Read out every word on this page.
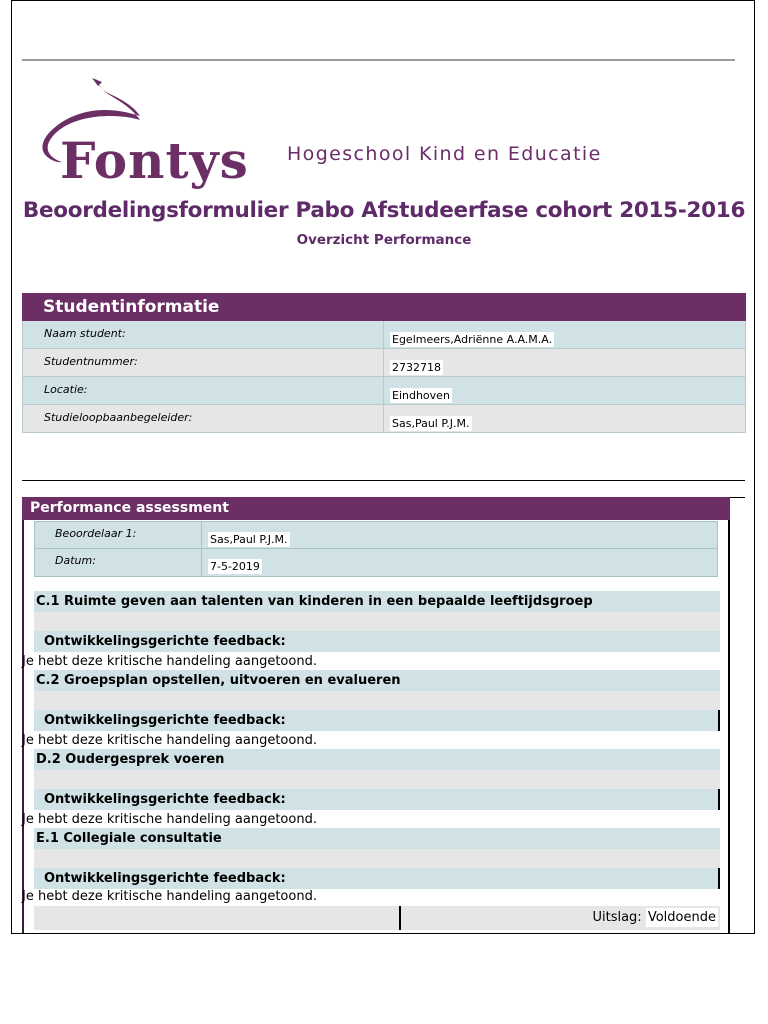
Fontys Hogeschool Kind en Educatie
Beoordelingsformulier Pabo Afstudeerfase cohort 2015-2016
Overzicht Performance
Studentinformatie
Naam student:	Egelmeers,Adriënne A.A.M.A.
Studentnummer:	2732718
Locatie:	Eindhoven
Studieloopbaanbegeleider:	Sas,Paul P.J.M.
Performance assessment
Beoordelaar 1:	Sas,Paul P.J.M.
Datum:	7-5-2019
C.1 Ruimte geven aan talenten van kinderen in een bepaalde leeftijdsgroep
Ontwikkelingsgerichte feedback:
Je hebt deze kritische handeling aangetoond.
C.2 Groepsplan opstellen, uitvoeren en evalueren
Ontwikkelingsgerichte feedback:
Je hebt deze kritische handeling aangetoond.
D.2 Oudergesprek voeren
Ontwikkelingsgerichte feedback:
Je hebt deze kritische handeling aangetoond.
E.1 Collegiale consultatie
Ontwikkelingsgerichte feedback:
Je hebt deze kritische handeling aangetoond.
Uitslag: Voldoende
